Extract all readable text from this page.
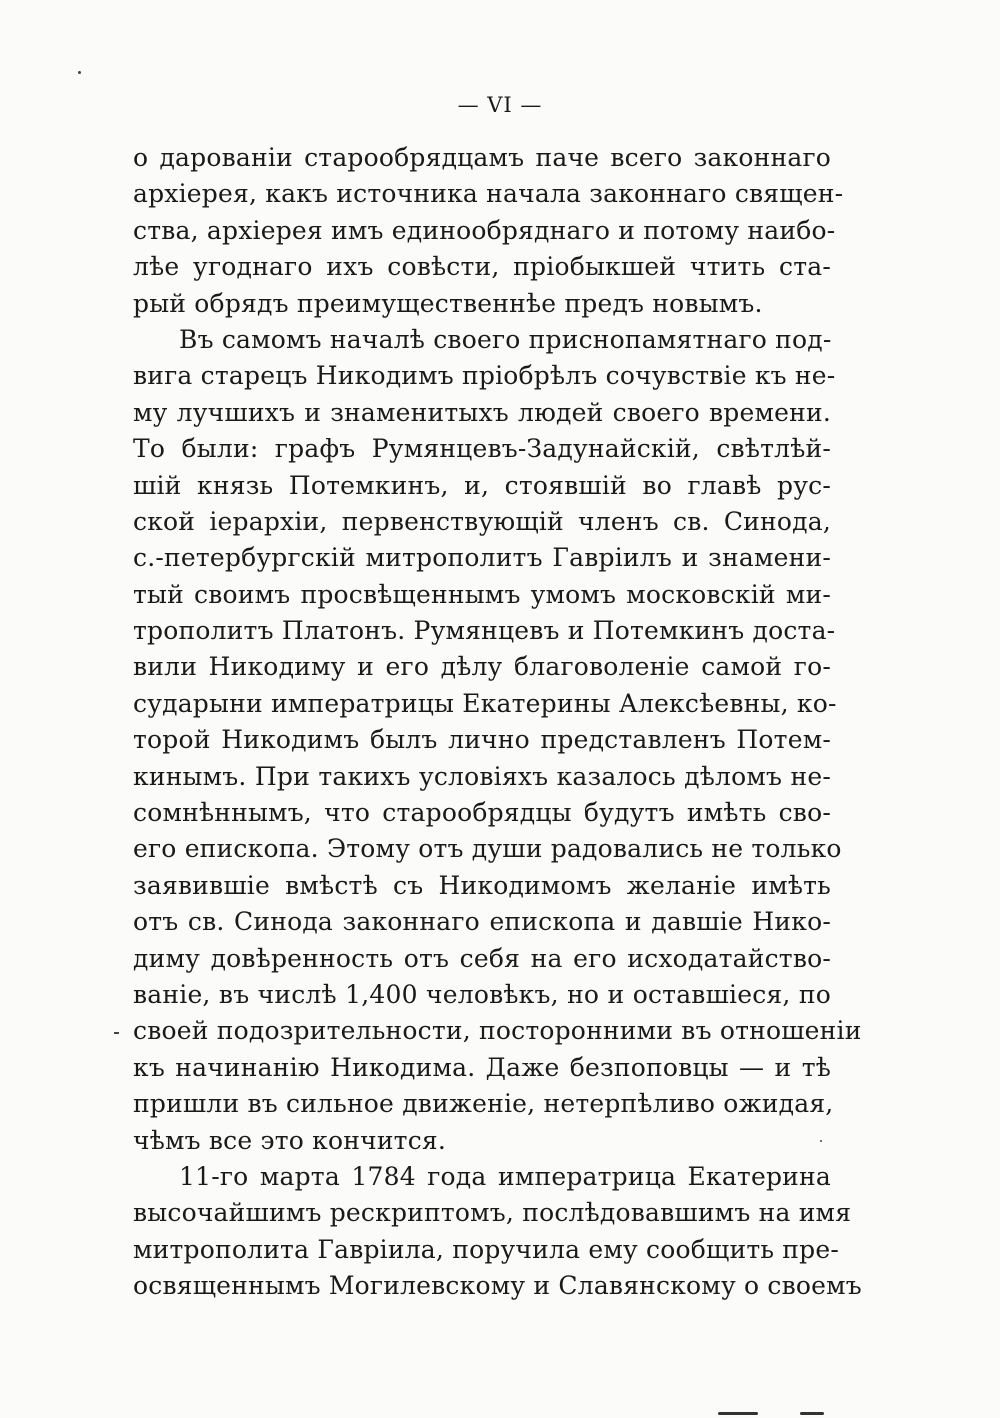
— VI —
о дарованіи старообрядцамъ паче всего законнаго
архіерея, какъ источника начала законнаго священ-
ства, архіерея имъ единообряднаго и потому наибо-
лѣе угоднаго ихъ совѣсти, пріобыкшей чтить ста-
рый обрядъ преимущественнѣе предъ новымъ.
Въ самомъ началѣ своего приснопамятнаго под-
вига старецъ Никодимъ пріобрѣлъ сочувствіе къ не-
му лучшихъ и знаменитыхъ людей своего времени.
То были: графъ Румянцевъ-Задунайскій, свѣтлѣй-
шій князь Потемкинъ, и, стоявшій во главѣ рус-
ской іерархіи, первенствующій членъ св. Синода,
с.-петербургскій митрополитъ Гавріилъ и знамени-
тый своимъ просвѣщеннымъ умомъ московскій ми-
трополитъ Платонъ. Румянцевъ и Потемкинъ доста-
вили Никодиму и его дѣлу благоволеніе самой го-
сударыни императрицы Екатерины Алексѣевны, ко-
торой Никодимъ былъ лично представленъ Потем-
кинымъ. При такихъ условіяхъ казалось дѣломъ не-
сомнѣннымъ, что старообрядцы будутъ имѣть сво-
его епископа. Этому отъ души радовались не только
заявившіе вмѣстѣ съ Никодимомъ желаніе имѣть
отъ св. Синода законнаго епископа и давшіе Нико-
диму довѣренность отъ себя на его исходатайство-
ваніе, въ числѣ 1,400 человѣкъ, но и оставшіеся, по
своей подозрительности, посторонними въ отношеніи
къ начинанію Никодима. Даже безпоповцы — и тѣ
пришли въ сильное движеніе, нетерпѣливо ожидая,
чѣмъ все это кончится.
11-го марта 1784 года императрица Екатерина
высочайшимъ рескриптомъ, послѣдовавшимъ на имя
митрополита Гавріила, поручила ему сообщить пре-
освященнымъ Могилевскому и Славянскому о своемъ
